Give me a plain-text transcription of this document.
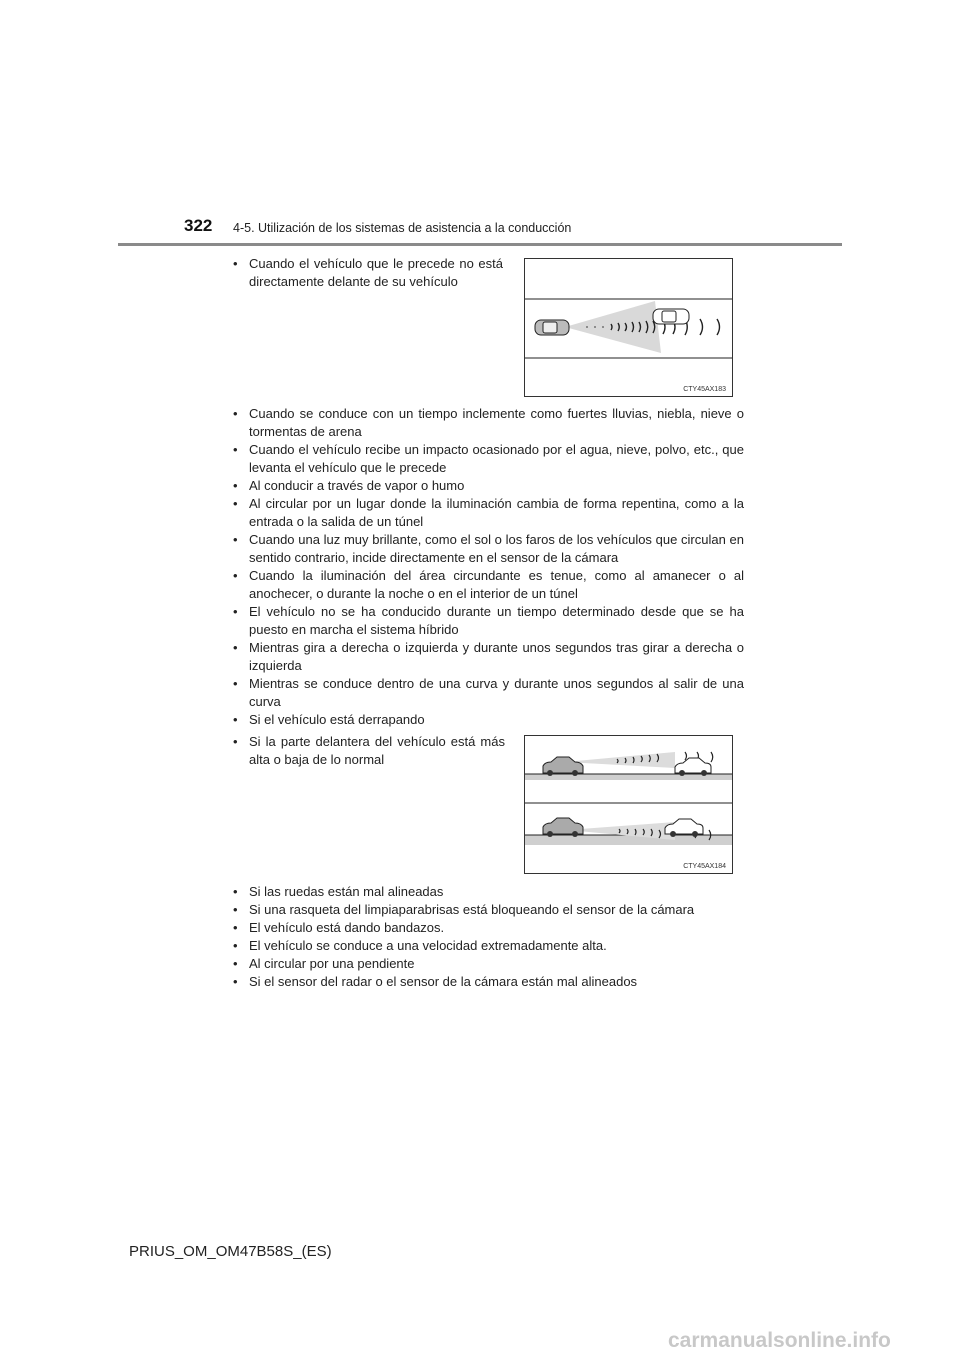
322 4-5. Utilización de los sistemas de asistencia a la conducción
• Cuando el vehículo que le precede no está directamente delante de su vehículo
CTY45AX183
• Cuando se conduce con un tiempo inclemente como fuertes lluvias, niebla, nieve o tormentas de arena
• Cuando el vehículo recibe un impacto ocasionado por el agua, nieve, polvo, etc., que levanta el vehículo que le precede
• Al conducir a través de vapor o humo
• Al circular por un lugar donde la iluminación cambia de forma repentina, como a la entrada o la salida de un túnel
• Cuando una luz muy brillante, como el sol o los faros de los vehículos que circulan en sentido contrario, incide directamente en el sensor de la cámara
• Cuando la iluminación del área circundante es tenue, como al amanecer o al anochecer, o durante la noche o en el interior de un túnel
• El vehículo no se ha conducido durante un tiempo determinado desde que se ha puesto en marcha el sistema híbrido
• Mientras gira a derecha o izquierda y durante unos segundos tras girar a derecha o izquierda
• Mientras se conduce dentro de una curva y durante unos segundos al salir de una curva
• Si el vehículo está derrapando
• Si la parte delantera del vehículo está más alta o baja de lo normal
CTY45AX184
• Si las ruedas están mal alineadas
• Si una rasqueta del limpiaparabrisas está bloqueando el sensor de la cámara
• El vehículo está dando bandazos.
• El vehículo se conduce a una velocidad extremadamente alta.
• Al circular por una pendiente
• Si el sensor del radar o el sensor de la cámara están mal alineados
PRIUS_OM_OM47B58S_(ES)
carmanualsonline.info
